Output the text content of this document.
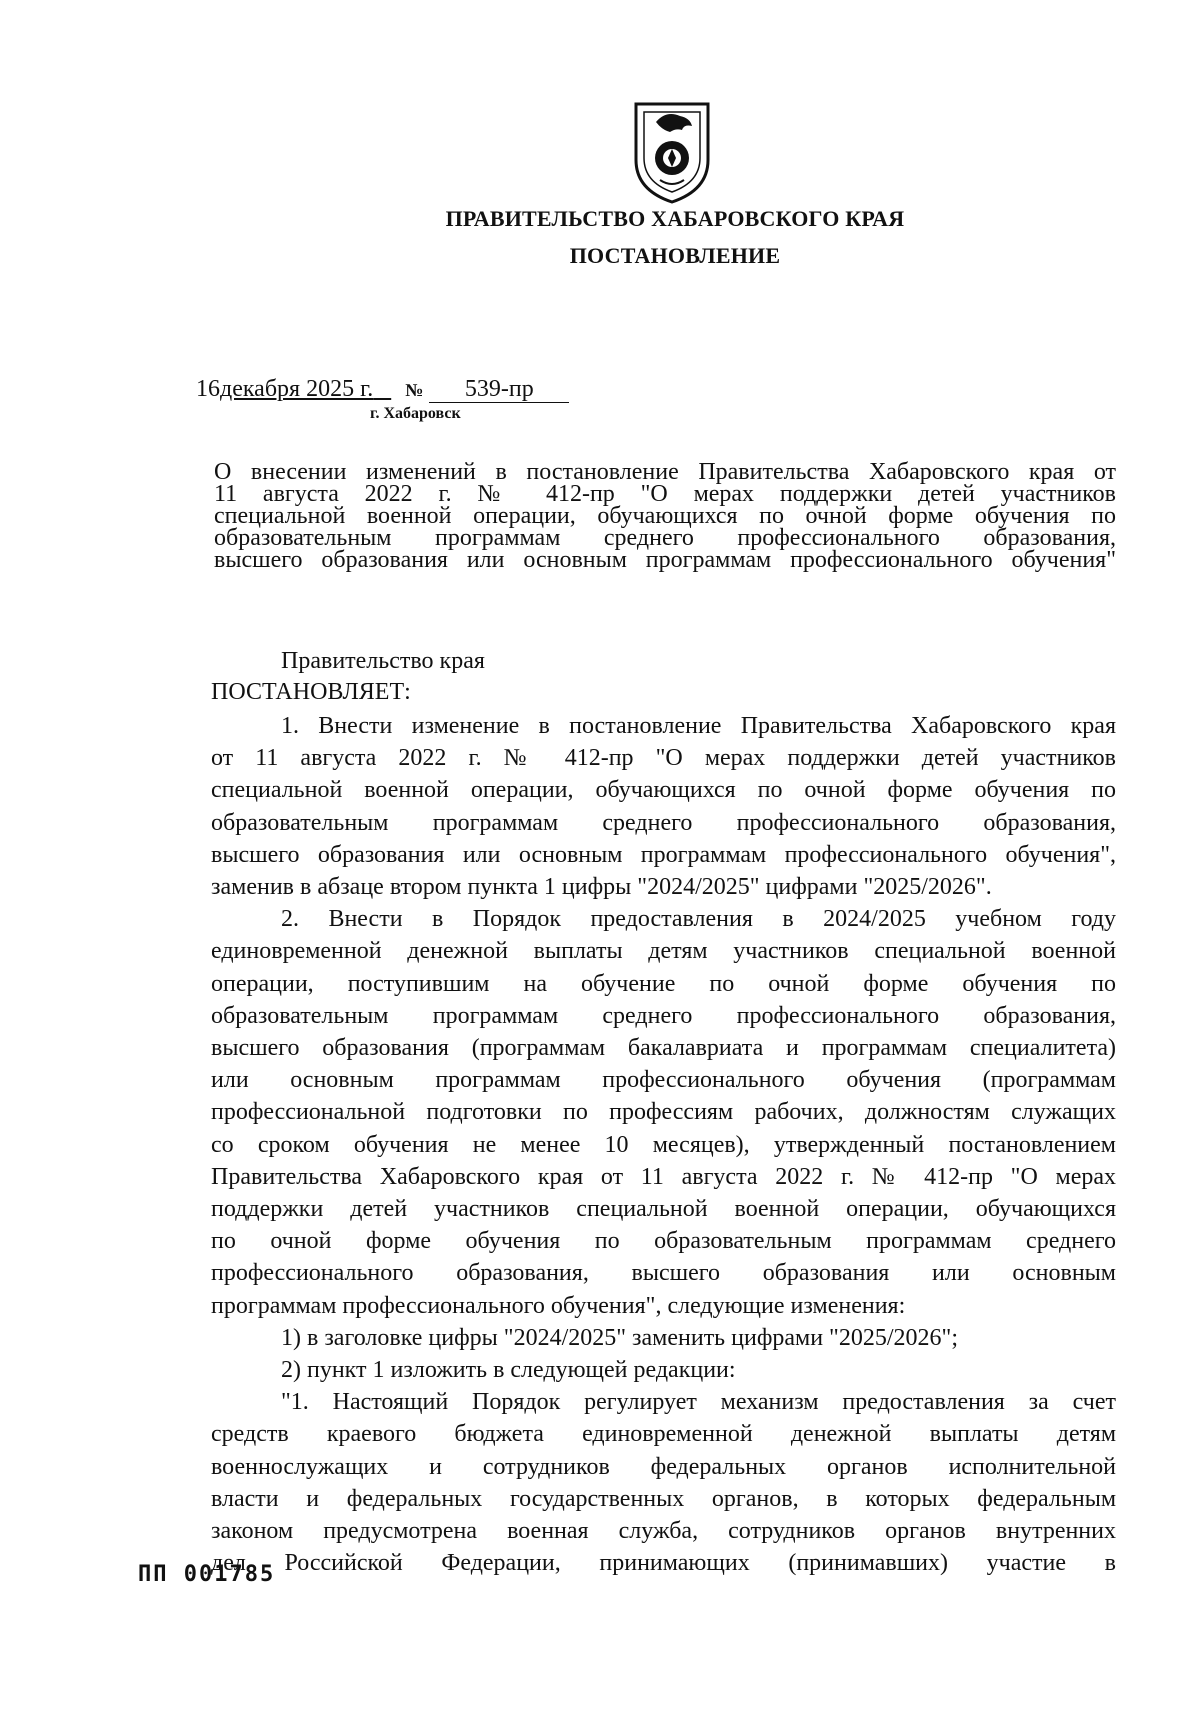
ПРАВИТЕЛЬСТВО ХАБАРОВСКОГО КРАЯ
ПОСТАНОВЛЕНИЕ
16декабря 2025 г. № 539-пр
г. Хабаровск
О внесении изменений в постановление Правительства Хабаровского края от
11 августа 2022 г. № 412-пр "О мерах поддержки детей участников
специальной военной операции, обучающихся по очной форме обучения по
образовательным программам среднего профессионального образования,
высшего образования или основным программам профессионального обучения"
Правительство края
ПОСТАНОВЛЯЕТ:
1. Внести изменение в постановление Правительства Хабаровского края
от 11 августа 2022 г. № 412-пр "О мерах поддержки детей участников
специальной военной операции, обучающихся по очной форме обучения по
образовательным программам среднего профессионального образования,
высшего образования или основным программам профессионального обучения",
заменив в абзаце втором пункта 1 цифры "2024/2025" цифрами "2025/2026".
2. Внести в Порядок предоставления в 2024/2025 учебном году
единовременной денежной выплаты детям участников специальной военной
операции, поступившим на обучение по очной форме обучения по
образовательным программам среднего профессионального образования,
высшего образования (программам бакалавриата и программам специалитета)
или основным программам профессионального обучения (программам
профессиональной подготовки по профессиям рабочих, должностям служащих
со сроком обучения не менее 10 месяцев), утвержденный постановлением
Правительства Хабаровского края от 11 августа 2022 г. № 412-пр "О мерах
поддержки детей участников специальной военной операции, обучающихся
по очной форме обучения по образовательным программам среднего
профессионального образования, высшего образования или основным
программам профессионального обучения", следующие изменения:
1) в заголовке цифры "2024/2025" заменить цифрами "2025/2026";
2) пункт 1 изложить в следующей редакции:
"1. Настоящий Порядок регулирует механизм предоставления за счет
средств краевого бюджета единовременной денежной выплаты детям
военнослужащих и сотрудников федеральных органов исполнительной
власти и федеральных государственных органов, в которых федеральным
законом предусмотрена военная служба, сотрудников органов внутренних
дел Российской Федерации, принимающих (принимавших) участие в
ПП 001785
